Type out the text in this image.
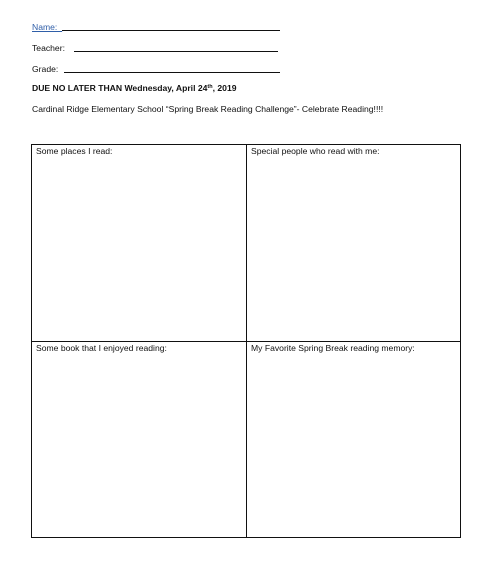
Name:_
Teacher:
Grade:
DUE NO LATER THAN Wednesday, April 24th, 2019
Cardinal Ridge Elementary School “Spring Break Reading Challenge”- Celebrate Reading!!!!
Some places I read:	Special people who read with me:
Some book that I enjoyed reading:	My Favorite Spring Break reading memory:
